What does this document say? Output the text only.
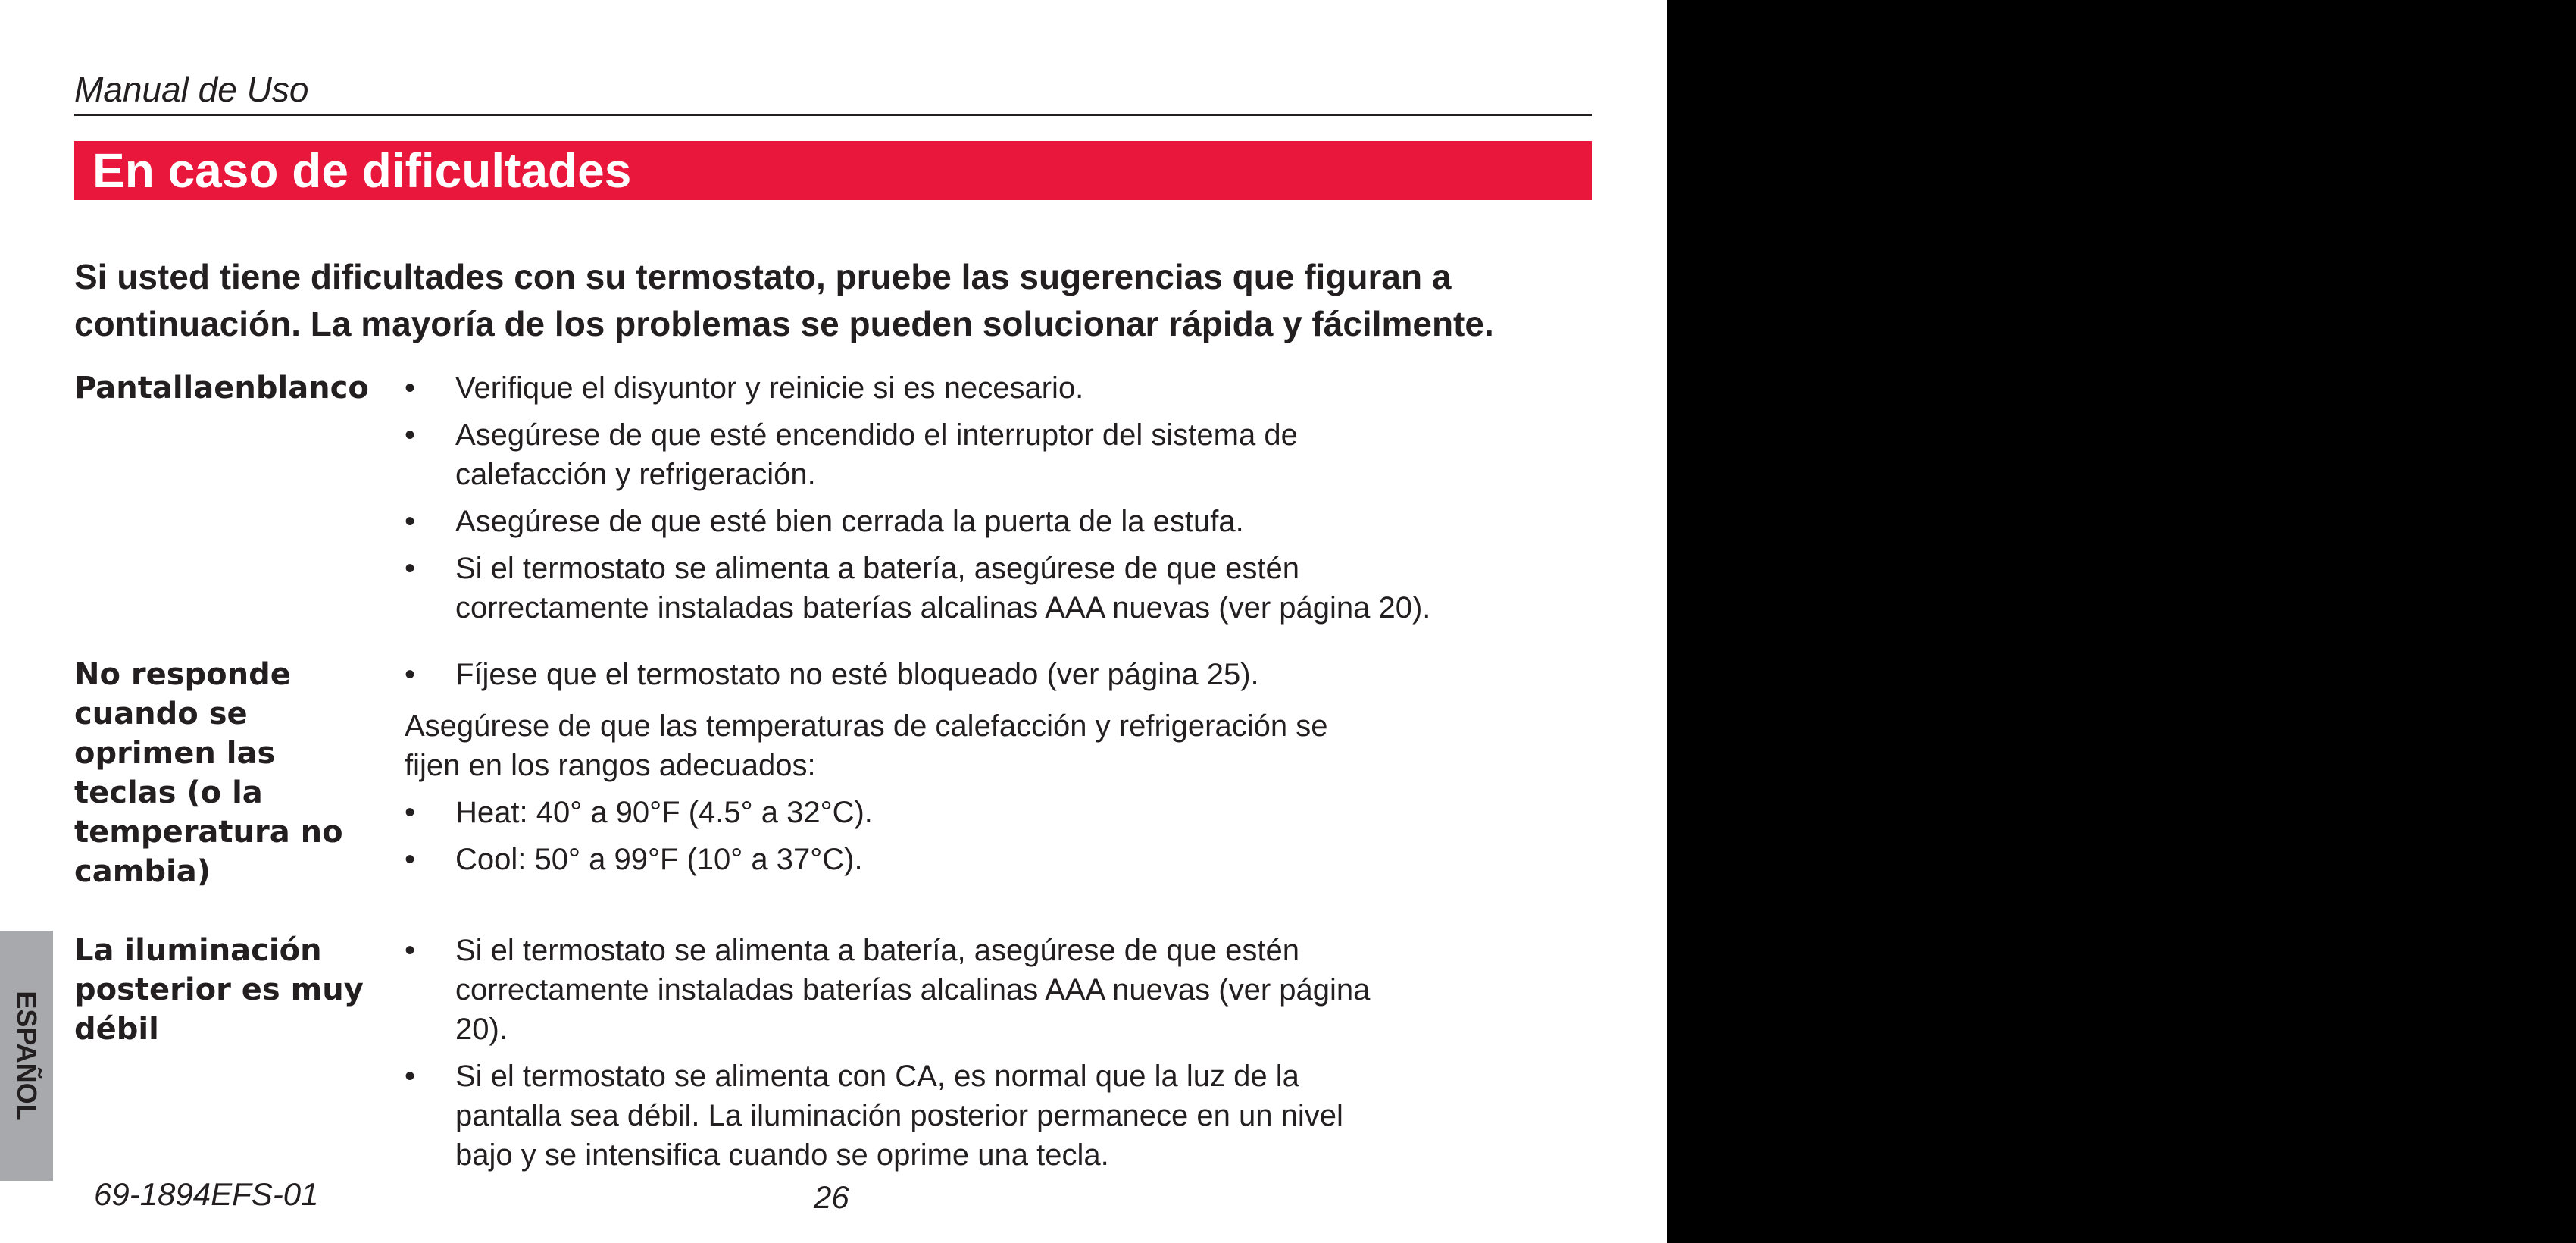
Manual de Uso
En caso de dificultades

Si usted tiene dificultades con su termostato, pruebe las sugerencias que figuran a

continuación. La mayoría de los problemas se pueden solucionar rápida y fácilmente.

Pantallaenblanco • Verifique el disyuntor y reinicie si es necesario.
• Asegúrese de que esté encendido el interruptor del sistema de
calefacción y refrigeración.
• Asegúrese de que esté bien cerrada la puerta de la estufa.
• Si el termostato se alimenta a batería, asegúrese de que estén
correctamente instaladas baterías alcalinas AAA nuevas (ver página 20).
No responde
cuando se
oprimen las
teclas (o la
temperatura no
cambia)
• Fíjese que el termostato no esté bloqueado (ver página 25).

Asegúrese de que las temperaturas de calefacción y refrigeración se
fijen en los rangos adecuados:

• Heat: 40° a 90°F (4.5° a 32°C).
• Cool: 50° a 99°F (10° a 37°C).
La iluminación
posterior es muy
débil
• Si el termostato se alimenta a batería, asegúrese de que estén
correctamente instaladas baterías alcalinas AAA nuevas (ver página
20).
• Si el termostato se alimenta con CA, es normal que la luz de la
pantalla sea débil. La iluminación posterior permanece en un nivel
bajo y se intensifica cuando se oprime una tecla.
ESPAÑOL
69-1894EFS-01	26
